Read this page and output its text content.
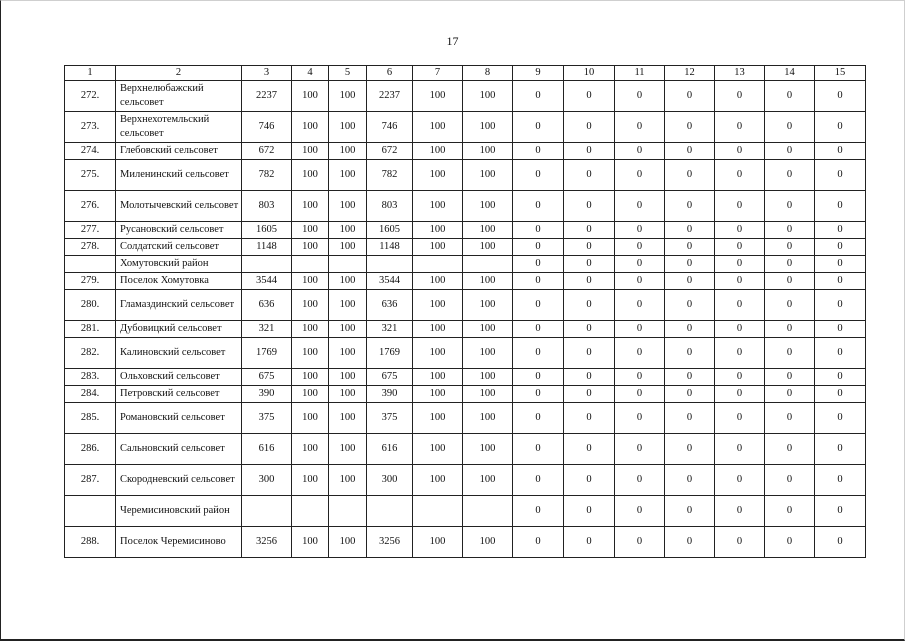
17
1	2	3	4	5	6	7	8	9	10	11	12	13	14	15
272.	Верхнелюбажский сельсовет	2237	100	100	2237	100	100	0	0	0	0	0	0	0
273.	Верхнехотемльский сельсовет	746	100	100	746	100	100	0	0	0	0	0	0	0
274.	Глебовский сельсовет	672	100	100	672	100	100	0	0	0	0	0	0	0
275.	Миленинский сельсовет	782	100	100	782	100	100	0	0	0	0	0	0	0
276.	Молотычевский сельсовет	803	100	100	803	100	100	0	0	0	0	0	0	0
277.	Русановский сельсовет	1605	100	100	1605	100	100	0	0	0	0	0	0	0
278.	Солдатский сельсовет	1148	100	100	1148	100	100	0	0	0	0	0	0	0
	Хомутовский район							0	0	0	0	0	0	0
279.	Поселок Хомутовка	3544	100	100	3544	100	100	0	0	0	0	0	0	0
280.	Гламаздинский сельсовет	636	100	100	636	100	100	0	0	0	0	0	0	0
281.	Дубовицкий сельсовет	321	100	100	321	100	100	0	0	0	0	0	0	0
282.	Калиновский сельсовет	1769	100	100	1769	100	100	0	0	0	0	0	0	0
283.	Ольховский сельсовет	675	100	100	675	100	100	0	0	0	0	0	0	0
284.	Петровский сельсовет	390	100	100	390	100	100	0	0	0	0	0	0	0
285.	Романовский сельсовет	375	100	100	375	100	100	0	0	0	0	0	0	0
286.	Сальновский сельсовет	616	100	100	616	100	100	0	0	0	0	0	0	0
287.	Скородневский сельсовет	300	100	100	300	100	100	0	0	0	0	0	0	0
	Черемисиновский район							0	0	0	0	0	0	0
288.	Поселок Черемисиново	3256	100	100	3256	100	100	0	0	0	0	0	0	0
